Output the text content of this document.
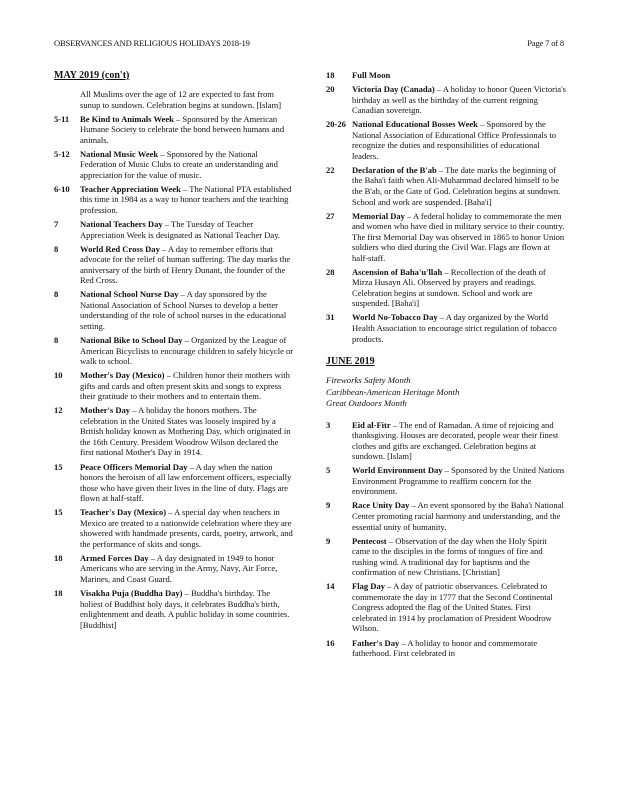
OBSERVANCES AND RELIGIOUS HOLIDAYS 2018-19	Page 7 of 8
MAY 2019 (con't)
All Muslims over the age of 12 are expected to fast from sunup to sundown. Celebration begins at sundown. [Islam]
5-11 Be Kind to Animals Week – Sponsored by the American Humane Society to celebrate the bond between humans and animals.
5-12 National Music Week – Sponsored by the National Federation of Music Clubs to create an understanding and appreciation for the value of music.
6-10 Teacher Appreciation Week – The National PTA established this time in 1984 as a way to honor teachers and the teaching profession.
7	National Teachers Day – The Tuesday of Teacher Appreciation Week is designated as National Teacher Day.
8	World Red Cross Day – A day to remember efforts that advocate for the relief of human suffering. The day marks the anniversary of the birth of Henry Dunant, the founder of the Red Cross.
8	National School Nurse Day – A day sponsored by the National Association of School Nurses to develop a better understanding of the role of school nurses in the educational setting.
8	National Bike to School Day – Organized by the League of American Bicyclists to encourage children to safely bicycle or walk to school.
10 Mother's Day (Mexico) – Children honor their mothers with gifts and cards and often present skits and songs to express their gratitude to their mothers and to entertain them.
12 Mother's Day – A holiday the honors mothers. The celebration in the United States was loosely inspired by a British holiday known as Mothering Day, which originated in the 16th Century. President Woodrow Wilson declared the first national Mother's Day in 1914.
15 Peace Officers Memorial Day – A day when the nation honors the heroism of all law enforcement officers, especially those who have given their lives in the line of duty. Flags are flown at half-staff.
15 Teacher's Day (Mexico) – A special day when teachers in Mexico are treated to a nationwide celebration where they are showered with handmade presents, cards, poetry, artwork, and the performance of skits and songs.
18 Armed Forces Day – A day designated in 1949 to honor Americans who are serving in the Army, Navy, Air Force, Marines, and Coast Guard.
18 Visakha Puja (Buddha Day) – Buddha's birthday. The holiest of Buddhist holy days, it celebrates Buddha's birth, enlightenment and death. A public holiday in some countries. [Buddhist]
18 Full Moon
20 Victoria Day (Canada) – A holiday to honor Queen Victoria's birthday as well as the birthday of the current reigning Canadian sovereign.
20-26 National Educational Bosses Week – Sponsored by the National Association of Educational Office Professionals to recognize the duties and responsibilities of educational leaders.
22 Declaration of the B'ab – The date marks the beginning of the Baha'i faith when Ali-Muhammad declared himself to be the B'ab, or the Gate of God. Celebration begins at sundown. School and work are suspended. [Baha'i]
27 Memorial Day – A federal holiday to commemorate the men and women who have died in military service to their country. The first Memorial Day was observed in 1865 to honor Union soldiers who died during the Civil War. Flags are flown at half-staff.
28 Ascension of Baha'u'llah – Recollection of the death of Mirza Husayn Ali. Observed by prayers and readings. Celebration begins at sundown. School and work are suspended. [Baha'i]
31 World No-Tobacco Day – A day organized by the World Health Association to encourage strict regulation of tobacco products.
JUNE 2019
Fireworks Safety Month
Caribbean-American Heritage Month
Great Outdoors Month
3	Eid al-Fitr – The end of Ramadan. A time of rejoicing and thanksgiving. Houses are decorated, people wear their finest clothes and gifts are exchanged. Celebration begins at sundown. [Islam]
5	World Environment Day – Sponsored by the United Nations Environment Programme to reaffirm concern for the environment.
9	Race Unity Day – An event sponsored by the Baha'i National Center promoting racial harmony and understanding, and the essential unity of humanity.
9	Pentecost – Observation of the day when the Holy Spirit came to the disciples in the forms of tongues of fire and rushing wind. A traditional day for baptisms and the confirmation of new Christians. [Christian]
14 Flag Day – A day of patriotic observances. Celebrated to commemorate the day in 1777 that the Second Continental Congress adopted the flag of the United States. First celebrated in 1914 by proclamation of President Woodrow Wilson.
16 Father's Day – A holiday to honor and commemorate fatherhood. First celebrated in
